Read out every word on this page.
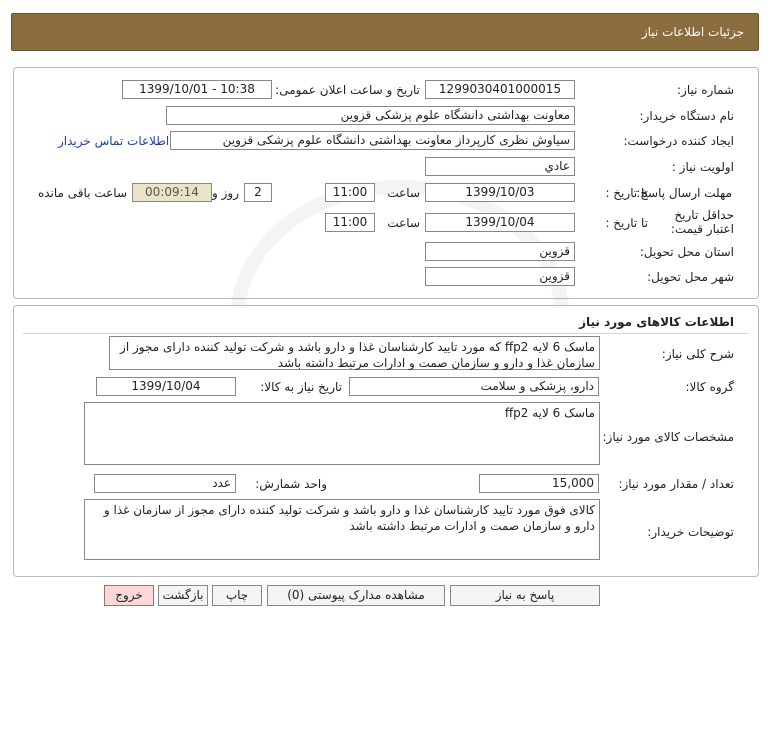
جزئیات اطلاعات نیاز
شماره نیاز:
1299030401000015
تاریخ و ساعت اعلان عمومی:
1399/10/01 - 10:38
نام دستگاه خریدار:
معاونت بهداشتی دانشگاه علوم پزشکی قزوین
ایجاد کننده درخواست:
سیاوش نظری کارپرداز معاونت بهداشتی دانشگاه علوم پزشکی قزوین
اطلاعات تماس خریدار
اولویت نیاز :
عادي
مهلت ارسال پاسخ:
تا تاریخ :
1399/10/03
ساعت
11:00
2
روز و
00:09:14
ساعت باقی مانده
حداقل تاریخ اعتبار قیمت:
تا تاریخ :
1399/10/04
ساعت
11:00
استان محل تحویل:
قزوین
شهر محل تحویل:
قزوین
اطلاعات کالاهای مورد نیاز
شرح کلی نیاز:
ماسک 6 لایه ffp2 که مورد تایید کارشناسان غذا و دارو باشد و شرکت تولید کننده دارای مجوز از سازمان غذا و دارو و سازمان صمت و ادارات مرتبط داشته باشد
گروه کالا:
دارو، پزشکی و سلامت
تاریخ نیاز به کالا:
1399/10/04
مشخصات کالای مورد نیاز:
ماسک 6 لایه ffp2
تعداد / مقدار مورد نیاز:
15,000
واحد شمارش:
عدد
توضیحات خریدار:
کالای فوق مورد تایید کارشناسان غذا و دارو باشد و شرکت تولید کننده دارای مجوز از سازمان غذا و دارو و سازمان صمت و ادارات مرتبط داشته باشد
پاسخ به نیاز
مشاهده مدارک پیوستی (0)
چاپ
بازگشت
خروج
